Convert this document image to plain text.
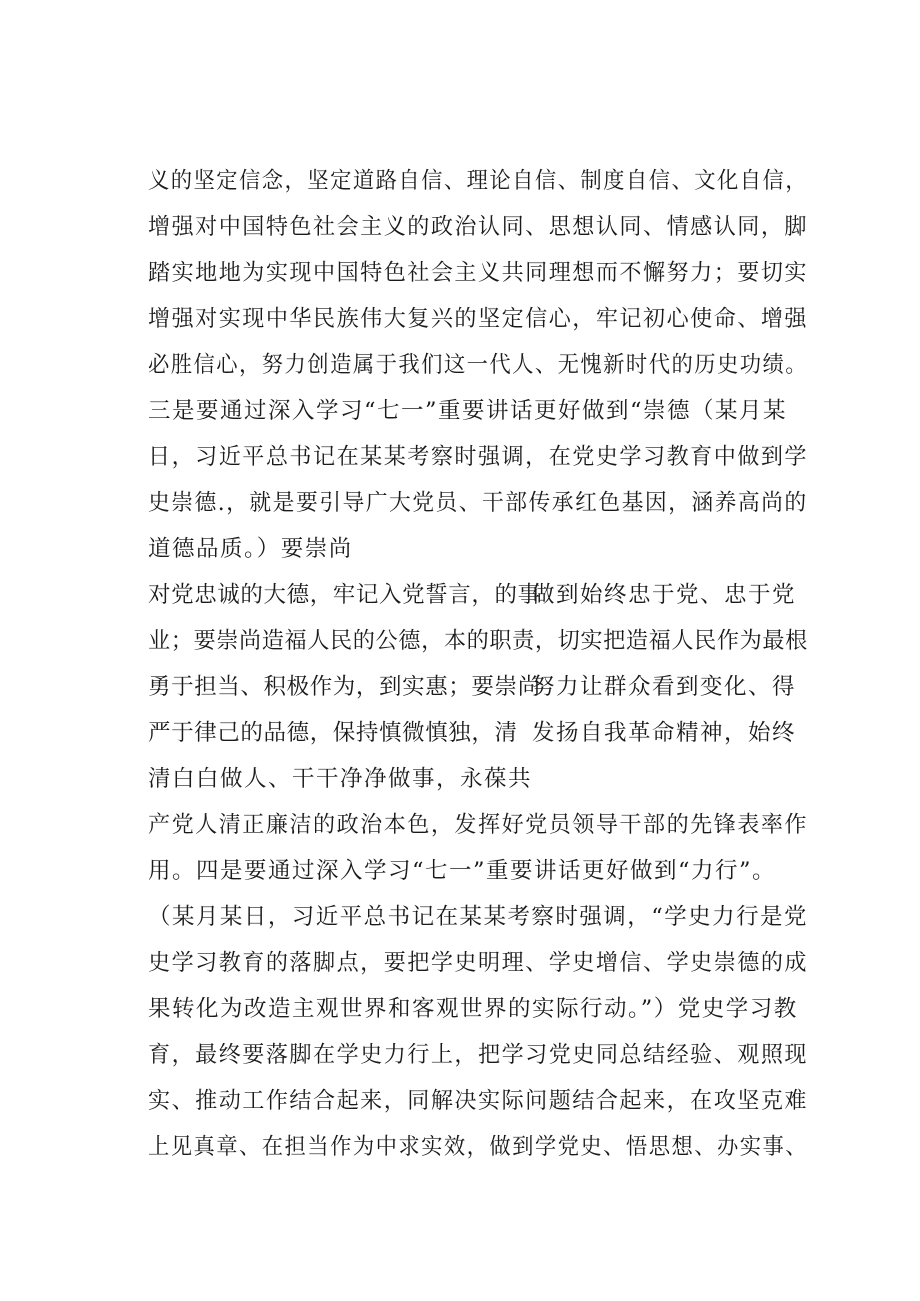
义的坚定信念，坚定道路自信、理论自信、制度自信、文化自信，
增强对中国特色社会主义的政治认同、思想认同、情感认同，脚
踏实地地为实现中国特色社会主义共同理想而不懈努力；要切实
增强对实现中华民族伟大复兴的坚定信心，牢记初心使命、增强
必胜信心，努力创造属于我们这一代人、无愧新时代的历史功绩。
三是要通过深入学习“七一”重要讲话更好做到“崇德（某月某
日，习近平总书记在某某考察时强调，在党史学习教育中做到学
史崇德.，就是要引导广大党员、干部传承红色基因，涵养高尚的
道德品质。）要崇尚
对党忠诚的大德，牢记入党誓言，的事
做到始终忠于党、忠于党
业；要崇尚造福人民的公德，本的职责，切实把造福人民作为最根
勇于担当、积极作为，到实惠；要崇尚
努力让群众看到变化、得
严于律己的品德，保持慎微慎独，清 发扬自我革命精神，始终
清白白做人、干干净净做事，永葆共
产党人清正廉洁的政治本色，发挥好党员领导干部的先锋表率作
用。四是要通过深入学习“七一”重要讲话更好做到“力行”。
（某月某日，习近平总书记在某某考察时强调，“学史力行是党
史学习教育的落脚点，要把学史明理、学史增信、学史崇德的成
果转化为改造主观世界和客观世界的实际行动。”）党史学习教
育，最终要落脚在学史力行上，把学习党史同总结经验、观照现
实、推动工作结合起来，同解决实际问题结合起来，在攻坚克难
上见真章、在担当作为中求实效，做到学党史、悟思想、办实事、
